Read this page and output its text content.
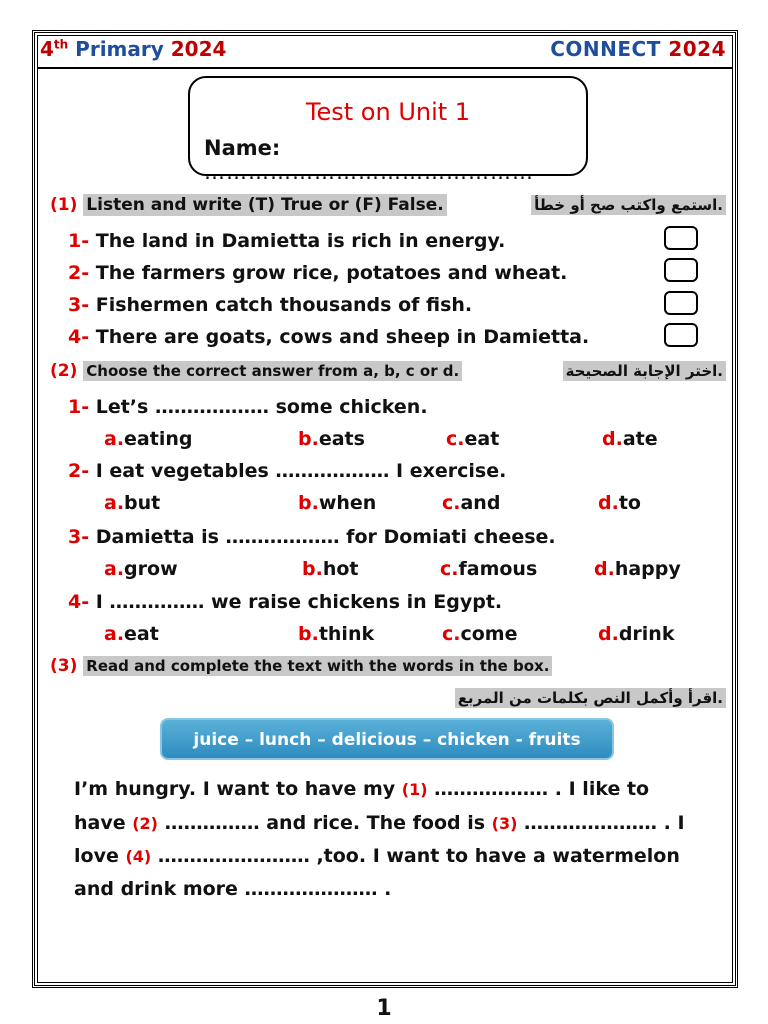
4th Primary 2024	CONNECT 2024
Test on Unit 1
Name: ………………………………………
(1) Listen and write (T) True or (F) False.	استمع واكتب صح أو خطأ.
1- The land in Damietta is rich in energy.
2- The farmers grow rice, potatoes and wheat.
3- Fishermen catch thousands of fish.
4- There are goats, cows and sheep in Damietta.
(2) Choose the correct answer from a, b, c or d.	اختر الإجابة الصحيحة.
1- Let’s ……………… some chicken.
a.eating	b.eats	c.eat	d.ate
2- I eat vegetables ……………… I exercise.
a.but	b.when	c.and	d.to
3- Damietta is ……………… for Domiati cheese.
a.grow	b.hot	c.famous	d.happy
4- I …………… we raise chickens in Egypt.
a.eat	b.think	c.come	d.drink
(3) Read and complete the text with the words in the box.
اقرأ وأكمل النص بكلمات من المربع.
juice – lunch – delicious – chicken - fruits
I’m hungry. I want to have my (1) ……………… . I like to
have (2) …………… and rice. The food is (3) ………………… . I
love (4) …………………… ,too. I want to have a watermelon
and drink more ………………… .
1
